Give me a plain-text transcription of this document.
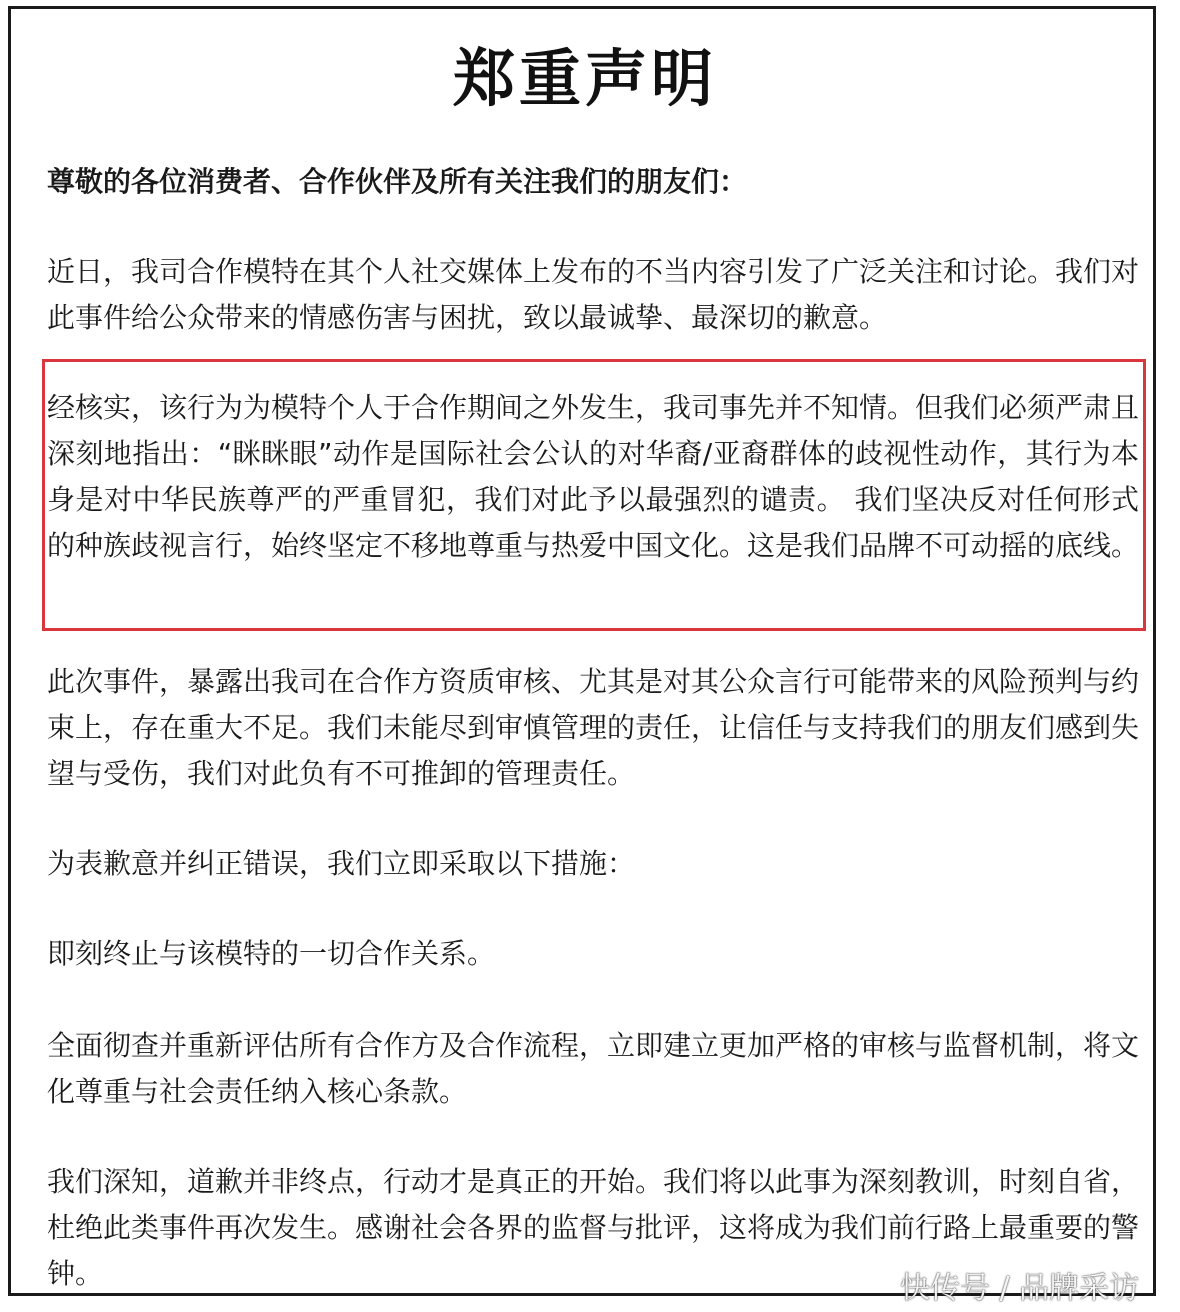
郑重声明

尊敬的各位消费者、合作伙伴及所有关注我们的朋友们：

近日，我司合作模特在其个人社交媒体上发布的不当内容引发了广泛关注和讨论。我们对此事件给公众带来的情感伤害与困扰，致以最诚挚、最深切的歉意。

经核实，该行为为模特个人于合作期间之外发生，我司事先并不知情。但我们必须严肃且深刻地指出：“眯眯眼”动作是国际社会公认的对华裔/亚裔群体的歧视性动作，其行为本身是对中华民族尊严的严重冒犯，我们对此予以最强烈的谴责。 我们坚决反对任何形式的种族歧视言行，始终坚定不移地尊重与热爱中国文化。这是我们品牌不可动摇的底线。

此次事件，暴露出我司在合作方资质审核、尤其是对其公众言行可能带来的风险预判与约束上，存在重大不足。我们未能尽到审慎管理的责任，让信任与支持我们的朋友们感到失望与受伤，我们对此负有不可推卸的管理责任。

为表歉意并纠正错误，我们立即采取以下措施：

即刻终止与该模特的一切合作关系。

全面彻查并重新评估所有合作方及合作流程，立即建立更加严格的审核与监督机制，将文化尊重与社会责任纳入核心条款。

我们深知，道歉并非终点，行动才是真正的开始。我们将以此事为深刻教训，时刻自省，杜绝此类事件再次发生。感谢社会各界的监督与批评，这将成为我们前行路上最重要的警钟。	快传号 / 品牌采访
